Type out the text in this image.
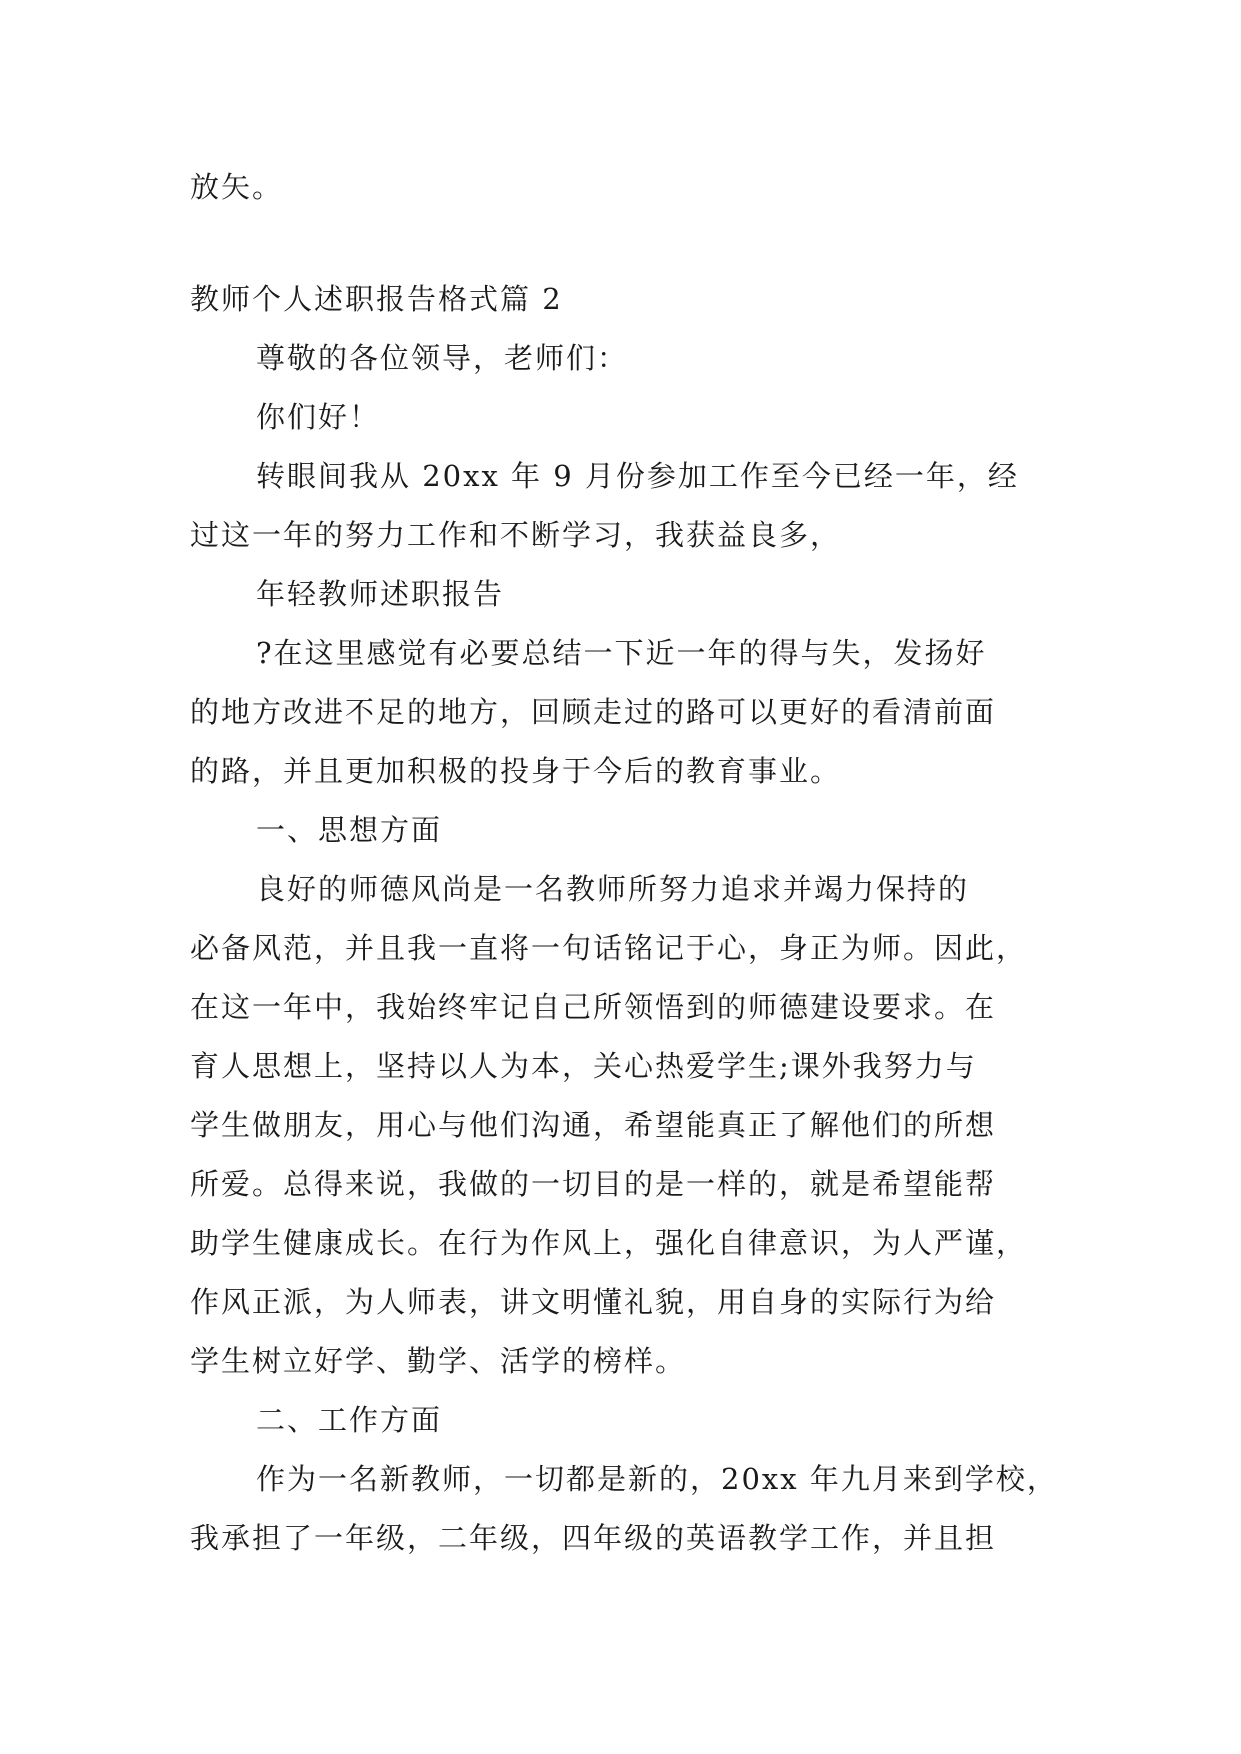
放矢。

教师个人述职报告格式篇 2

尊敬的各位领导，老师们：

你们好！

转眼间我从 20xx 年 9 月份参加工作至今已经一年，经

过这一年的努力工作和不断学习，我获益良多，

年轻教师述职报告

?在这里感觉有必要总结一下近一年的得与失，发扬好

的地方改进不足的地方，回顾走过的路可以更好的看清前面

的路，并且更加积极的投身于今后的教育事业。

一、思想方面

良好的师德风尚是一名教师所努力追求并竭力保持的

必备风范，并且我一直将一句话铭记于心，身正为师。因此，

在这一年中，我始终牢记自己所领悟到的师德建设要求。在

育人思想上，坚持以人为本，关心热爱学生;课外我努力与

学生做朋友，用心与他们沟通，希望能真正了解他们的所想

所爱。总得来说，我做的一切目的是一样的，就是希望能帮

助学生健康成长。在行为作风上，强化自律意识，为人严谨，

作风正派，为人师表，讲文明懂礼貌，用自身的实际行为给

学生树立好学、勤学、活学的榜样。

二、工作方面

作为一名新教师，一切都是新的，20xx 年九月来到学校，

我承担了一年级，二年级，四年级的英语教学工作，并且担
